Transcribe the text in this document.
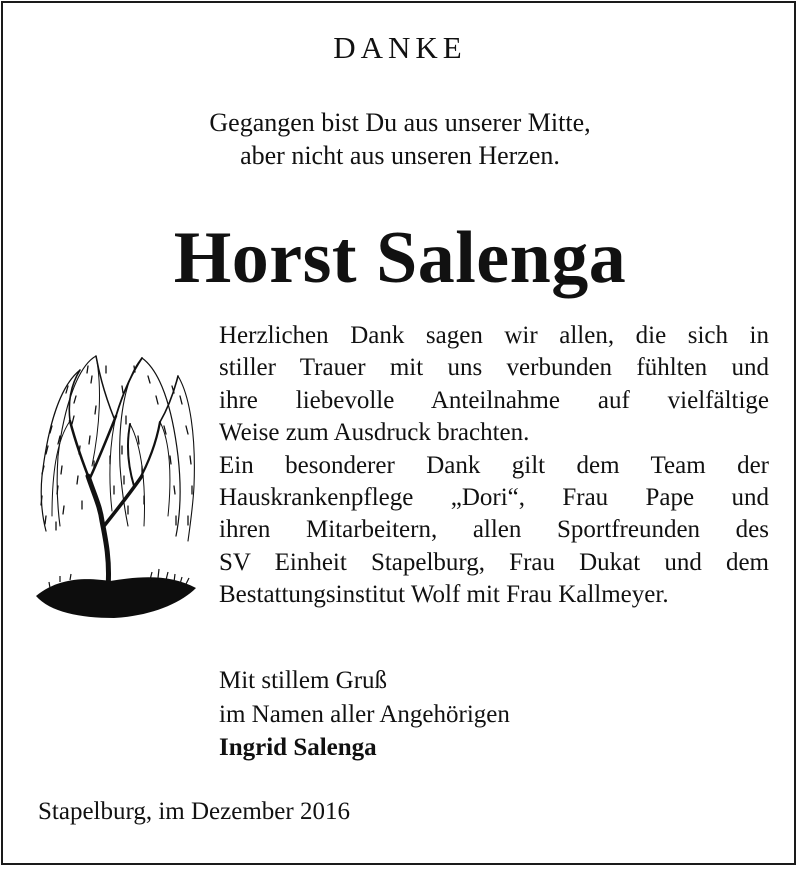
DANKE
Gegangen bist Du aus unserer Mitte,
aber nicht aus unseren Herzen.
Horst Salenga
Herzlichen Dank sagen wir allen, die sich in
stiller Trauer mit uns verbunden fühlten und
ihre liebevolle Anteilnahme auf vielfältige
Weise zum Ausdruck brachten.
Ein besonderer Dank gilt dem Team der
Hauskrankenpflege „Dori“, Frau Pape und
ihren Mitarbeitern, allen Sportfreunden des
SV Einheit Stapelburg, Frau Dukat und dem
Bestattungsinstitut Wolf mit Frau Kallmeyer.
Mit stillem Gruß
im Namen aller Angehörigen
Ingrid Salenga
Stapelburg, im Dezember 2016
